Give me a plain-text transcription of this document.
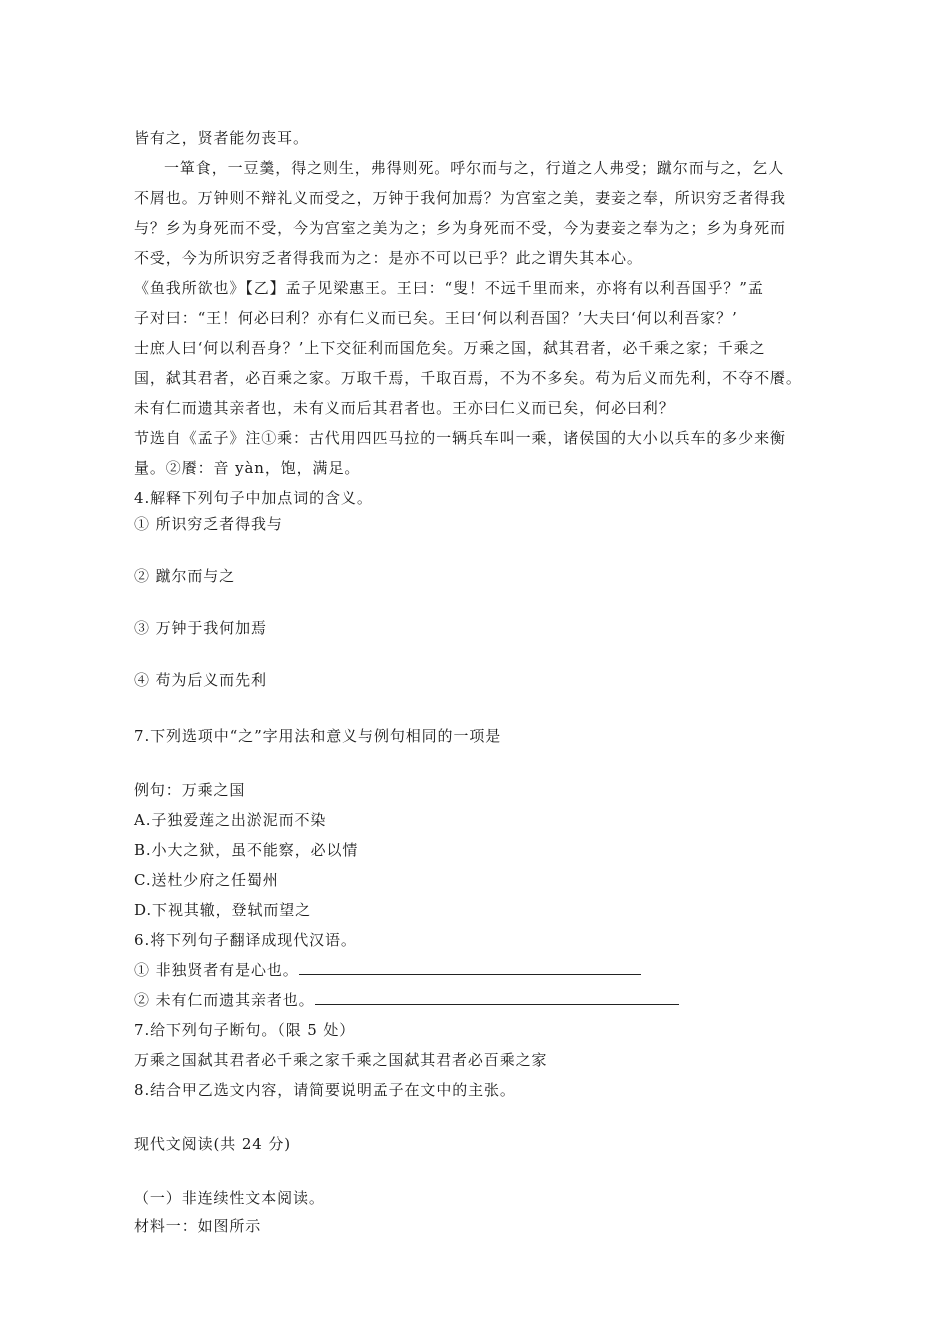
皆有之，贤者能勿丧耳。
一箪食，一豆羹，得之则生，弗得则死。呼尔而与之，行道之人弗受；蹴尔而与之，乞人
不屑也。万钟则不辩礼义而受之，万钟于我何加焉？为宫室之美，妻妾之奉，所识穷乏者得我
与？乡为身死而不受，今为宫室之美为之；乡为身死而不受，今为妻妾之奉为之；乡为身死而
不受，今为所识穷乏者得我而为之：是亦不可以已乎？此之谓失其本心。
《鱼我所欲也》【乙】孟子见梁惠王。王曰：“叟！不远千里而来，亦将有以利吾国乎？”孟
子对曰：“王！何必曰利？亦有仁义而已矣。王曰‘何以利吾国？’大夫曰‘何以利吾家？’
士庶人曰‘何以利吾身？’上下交征利而国危矣。万乘之国，弑其君者，必千乘之家；千乘之
国，弑其君者，必百乘之家。万取千焉，千取百焉，不为不多矣。苟为后义而先利，不夺不餍。
未有仁而遗其亲者也，未有义而后其君者也。王亦曰仁义而已矣，何必曰利？
节选自《孟子》注①乘：古代用四匹马拉的一辆兵车叫一乘，诸侯国的大小以兵车的多少来衡
量。②餍：音 yàn，饱，满足。
4.解释下列句子中加点词的含义。
① 所识穷乏者得我与
② 蹴尔而与之
③ 万钟于我何加焉
④ 苟为后义而先利
7.下列选项中“之”字用法和意义与例句相同的一项是
例句：万乘之国
A.子独爱莲之出淤泥而不染
B.小大之狱，虽不能察，必以情
C.送杜少府之任蜀州
D.下视其辙，登轼而望之
6.将下列句子翻译成现代汉语。
① 非独贤者有是心也。
② 未有仁而遗其亲者也。
7.给下列句子断句。（限 5 处）
万乘之国弑其君者必千乘之家千乘之国弑其君者必百乘之家
8.结合甲乙选文内容，请简要说明孟子在文中的主张。
现代文阅读(共 24 分)
（一）非连续性文本阅读。
材料一：如图所示
